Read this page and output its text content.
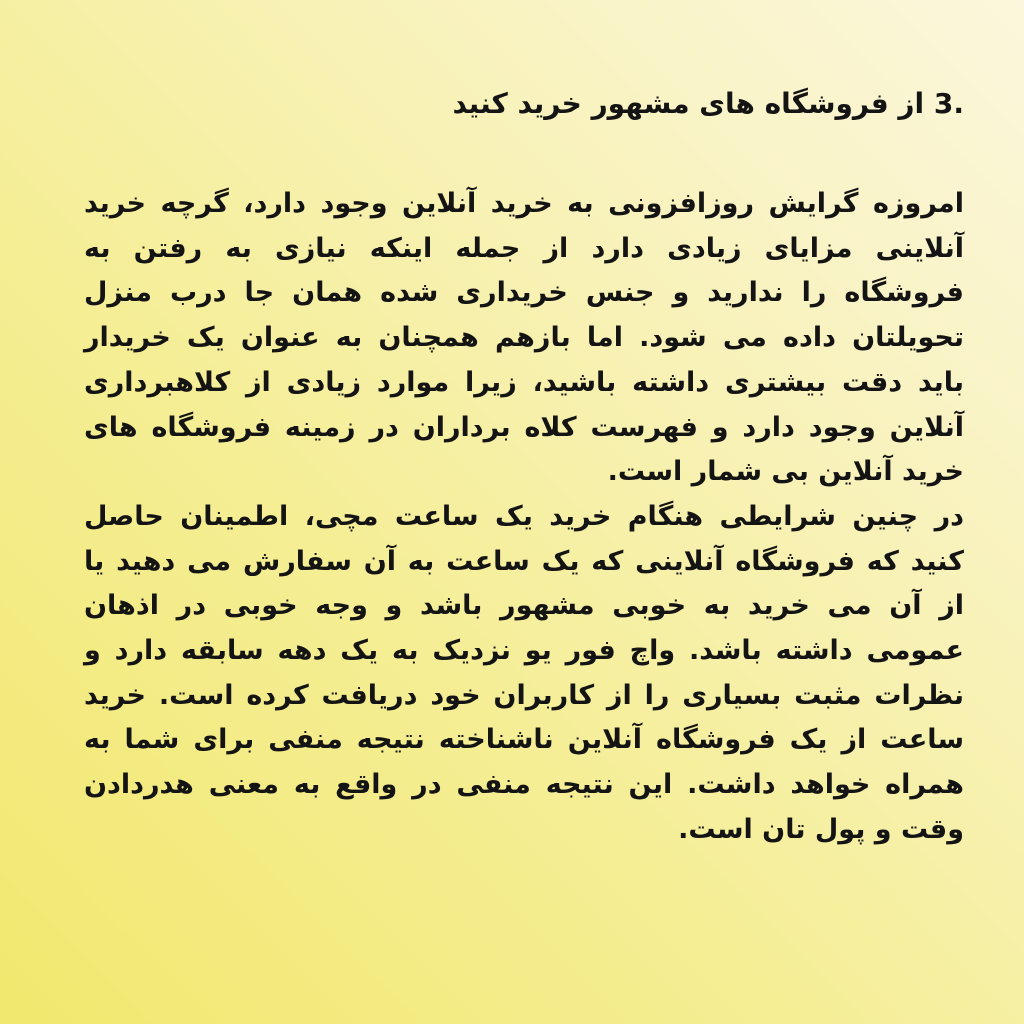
3. از فروشگاه های مشهور خرید کنید
امروزه گرایش روزافزونی به خرید آنلاین وجود دارد، گرچه خرید
آنلاینی مزایای زیادی دارد از جمله اینکه نیازی به رفتن به
فروشگاه را ندارید و جنس خریداری شده همان جا درب منزل
تحویلتان داده می شود. اما بازهم همچنان به عنوان یک خریدار
باید دقت بیشتری داشته باشید، زیرا موارد زیادی از کلاهبرداری
آنلاین وجود دارد و فهرست کلاه برداران در زمینه فروشگاه های
خرید آنلاین بی شمار است.
در چنین شرایطی هنگام خرید یک ساعت مچی، اطمینان حاصل
کنید که فروشگاه آنلاینی که یک ساعت به آن سفارش می دهید یا
از آن می خرید به خوبی مشهور باشد و وجه خوبی در اذهان
عمومی داشته باشد. واچ فور یو نزدیک به یک دهه سابقه دارد و
نظرات مثبت بسیاری را از کاربران خود دریافت کرده است. خرید
ساعت از یک فروشگاه آنلاین ناشناخته نتیجه منفی برای شما به
همراه خواهد داشت. این نتیجه منفی در واقع به معنی هدردادن
وقت و پول تان است.
